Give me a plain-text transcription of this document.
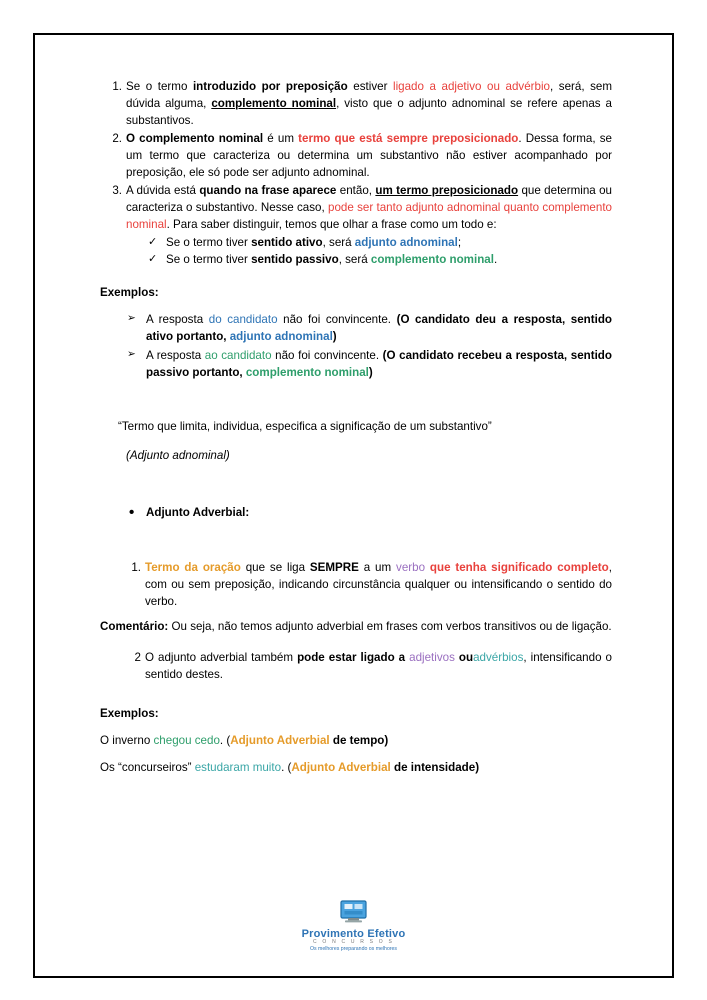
Se o termo introduzido por preposição estiver ligado a adjetivo ou advérbio, será, sem dúvida alguma, complemento nominal, visto que o adjunto adnominal se refere apenas a substantivos.
O complemento nominal é um termo que está sempre preposicionado. Dessa forma, se um termo que caracteriza ou determina um substantivo não estiver acompanhado por preposição, ele só pode ser adjunto adnominal.
A dúvida está quando na frase aparece então, um termo preposicionado que determina ou caracteriza o substantivo. Nesse caso, pode ser tanto adjunto adnominal quanto complemento nominal. Para saber distinguir, temos que olhar a frase como um todo e:
✓ Se o termo tiver sentido ativo, será adjunto adnominal;
✓ Se o termo tiver sentido passivo, será complemento nominal.

Exemplos:

➢ A resposta do candidato não foi convincente. (O candidato deu a resposta, sentido ativo portanto, adjunto adnominal)
➢ A resposta ao candidato não foi convincente. (O candidato recebeu a resposta, sentido passivo portanto, complemento nominal)

“Termo que limita, individua, especifica a significação de um substantivo”

(Adjunto adnominal)

• Adjunto Adverbial:
1. Termo da oração que se liga SEMPRE a um verbo que tenha significado completo, com ou sem preposição, indicando circunstância qualquer ou intensificando o sentido do verbo.

Comentário: Ou seja, não temos adjunto adverbial em frases com verbos transitivos ou de ligação.

2 O adjunto adverbial também pode estar ligado a adjetivos ouadvérbios, intensificando o sentido destes.

Exemplos:

O inverno chegou cedo. (Adjunto Adverbial de tempo)

Os “concurseiros” estudaram muito. (Adjunto Adverbial de intensidade)

Provimento Efetivo
C O N C U R S O S
Os melhores preparando os melhores
